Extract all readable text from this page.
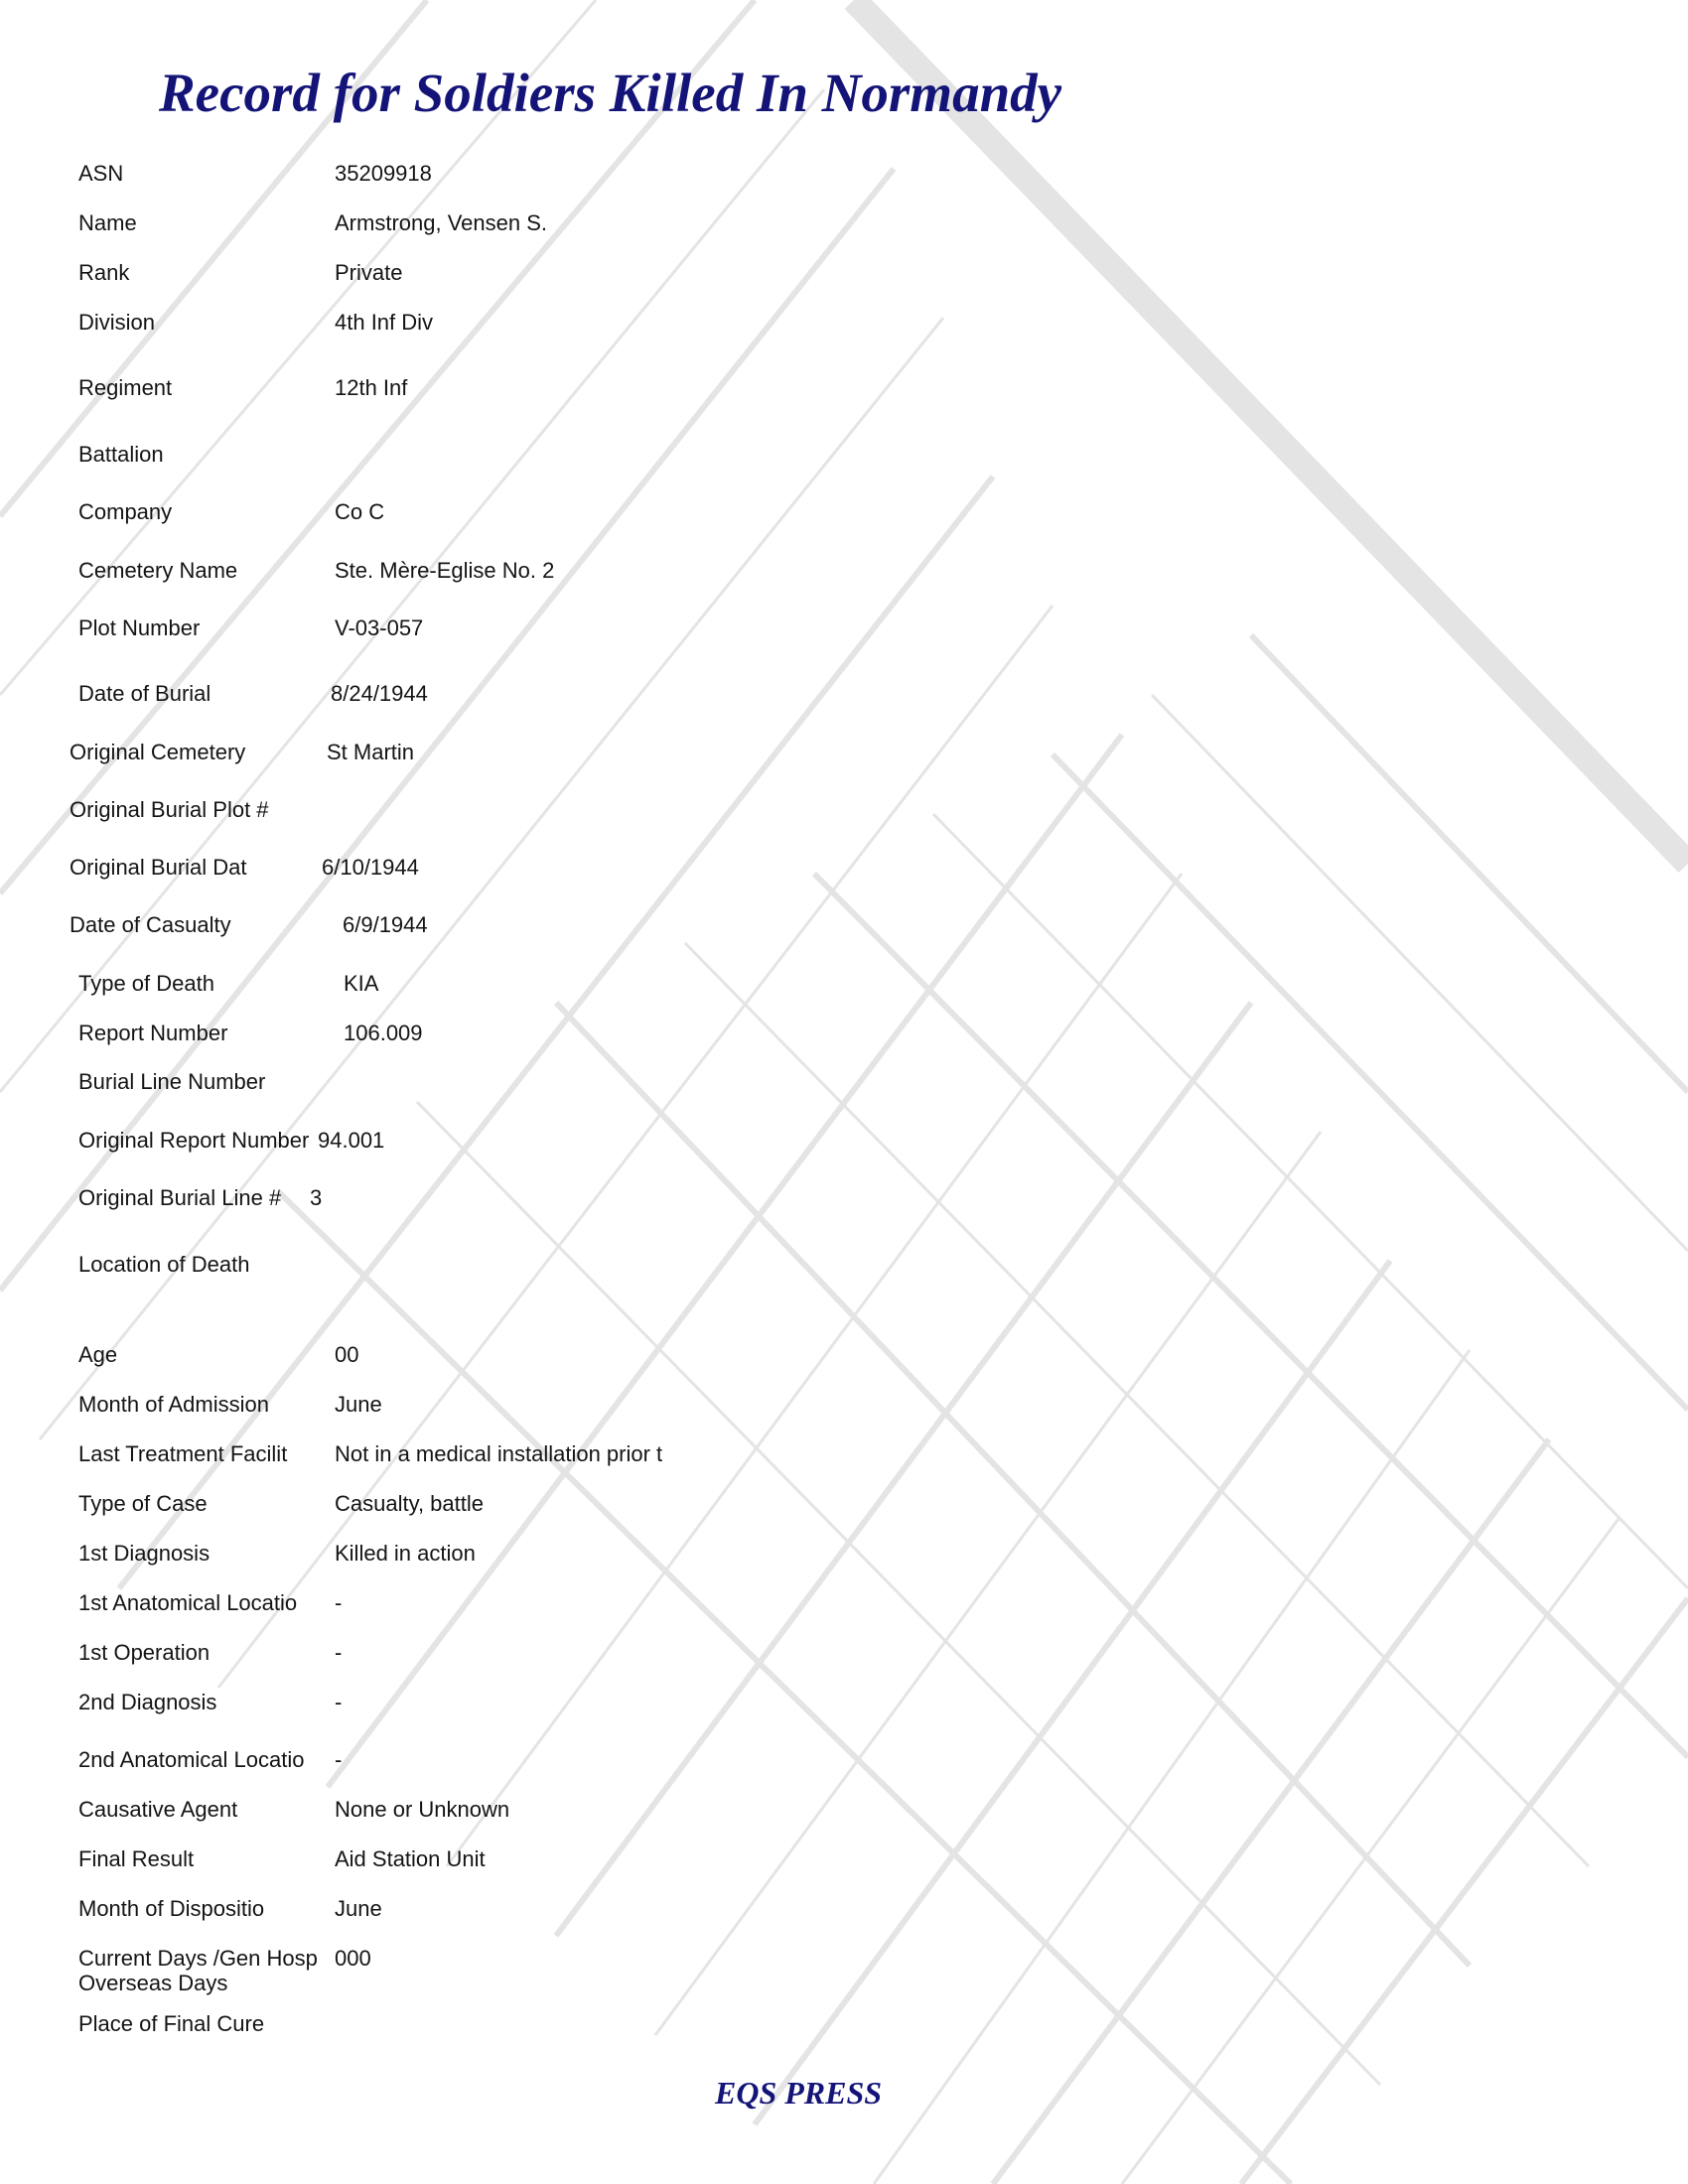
Record for Soldiers Killed In Normandy
ASN	35209918
Name	Armstrong, Vensen S.
Rank	Private
Division	4th Inf Div
Regiment	12th Inf
Battalion
Company	Co C
Cemetery Name	Ste. Mère-Eglise No. 2
Plot Number	V-03-057
Date of Burial	8/24/1944
Original Cemetery	St Martin
Original Burial Plot #
Original Burial Dat	6/10/1944
Date of Casualty	6/9/1944
Type of Death	KIA
Report Number	106.009
Burial Line Number
Original Report Number 94.001
Original Burial Line # 3
Location of Death
Age	00
Month of Admission	June
Last Treatment Facilit Not in a medical installation prior t
Type of Case	Casualty, battle
1st Diagnosis	Killed in action
1st Anatomical Locatio -
1st Operation	-
2nd Diagnosis	-
2nd Anatomical Locatio -
Causative Agent	None or Unknown
Final Result	Aid Station Unit
Month of Dispositio	June
Current Days /Gen Hosp 000
Overseas Days
Place of Final Cure
EQS PRESS
